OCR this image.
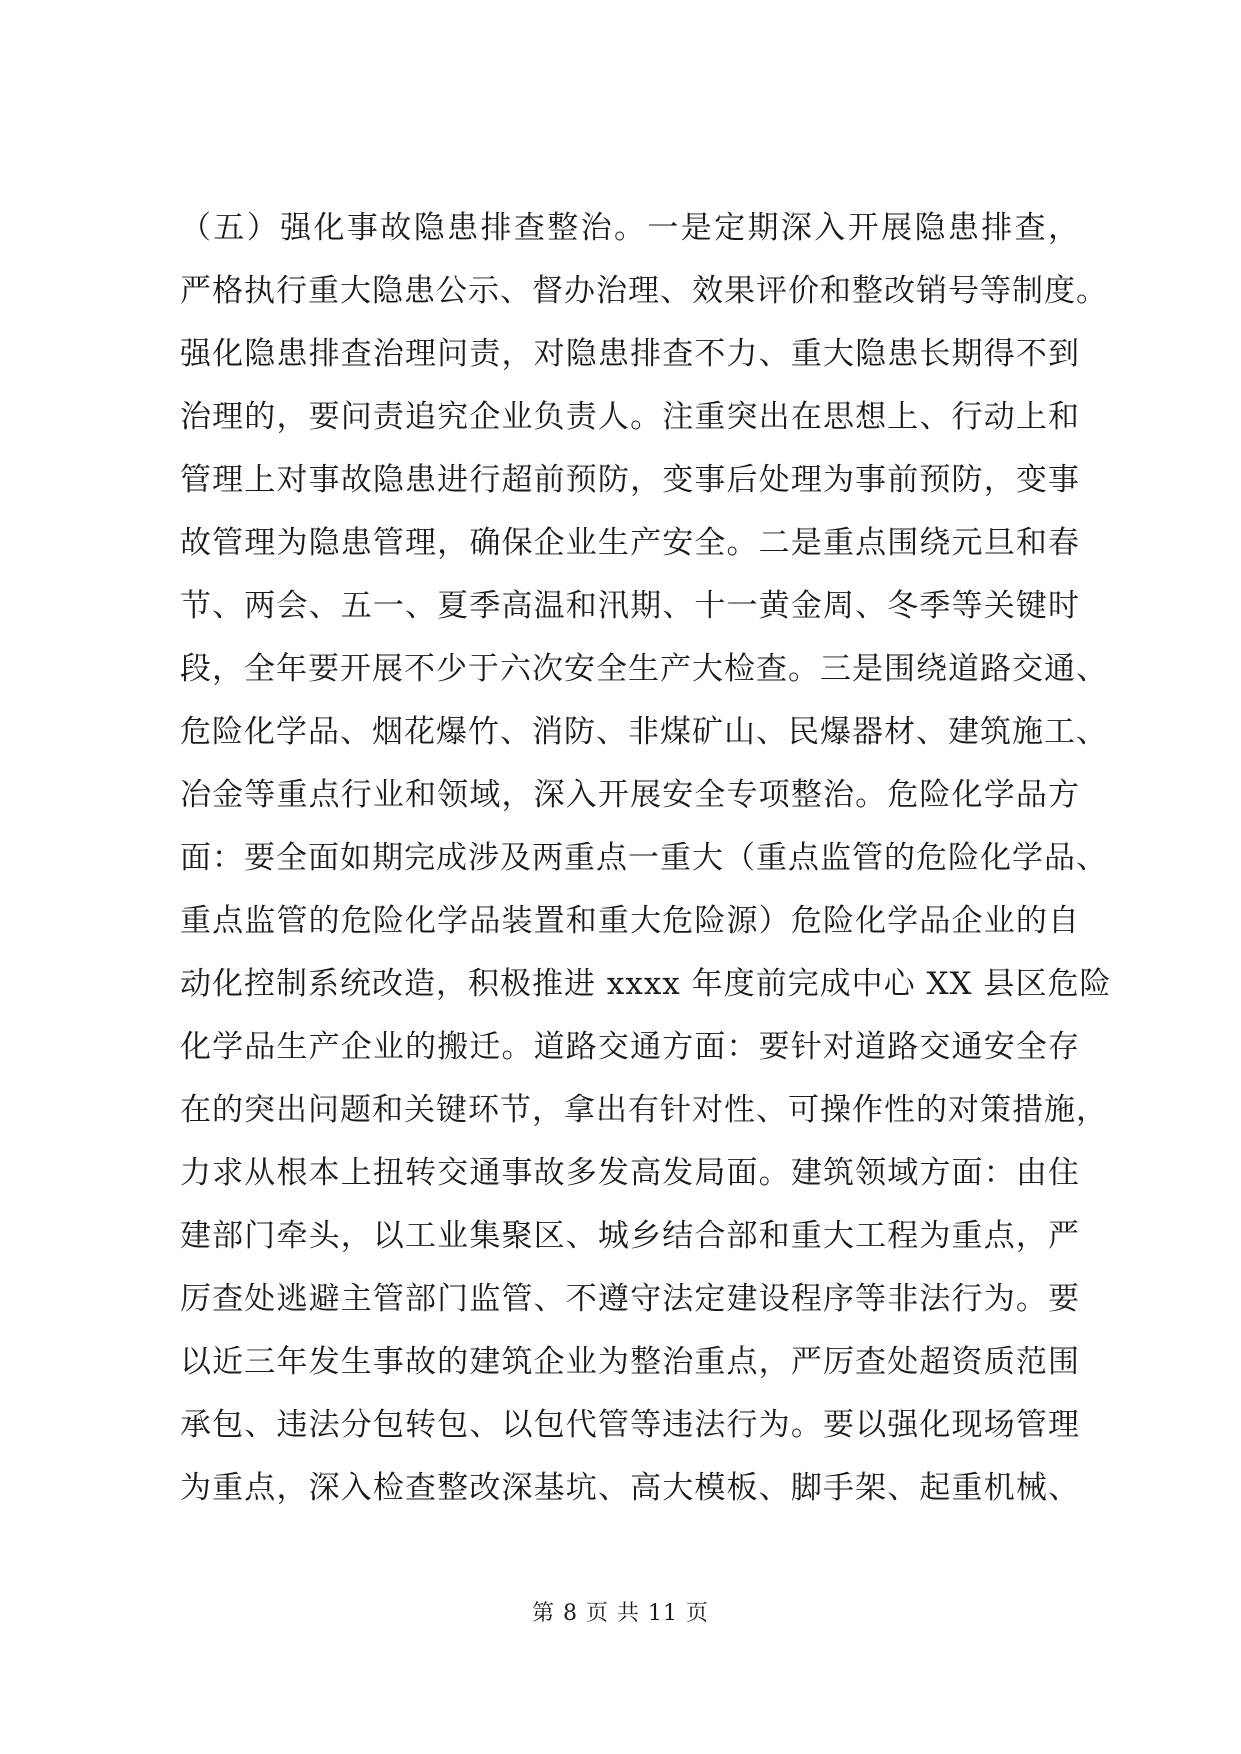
（五）强化事故隐患排查整治。一是定期深入开展隐患排查，
严格执行重大隐患公示、督办治理、效果评价和整改销号等制度。
强化隐患排查治理问责，对隐患排查不力、重大隐患长期得不到
治理的，要问责追究企业负责人。注重突出在思想上、行动上和
管理上对事故隐患进行超前预防，变事后处理为事前预防，变事
故管理为隐患管理，确保企业生产安全。二是重点围绕元旦和春
节、两会、五一、夏季高温和汛期、十一黄金周、冬季等关键时
段，全年要开展不少于六次安全生产大检查。三是围绕道路交通、
危险化学品、烟花爆竹、消防、非煤矿山、民爆器材、建筑施工、
冶金等重点行业和领域，深入开展安全专项整治。危险化学品方
面：要全面如期完成涉及两重点一重大（重点监管的危险化学品、
重点监管的危险化学品装置和重大危险源）危险化学品企业的自
动化控制系统改造，积极推进 xxxx 年度前完成中心 XX 县区危险
化学品生产企业的搬迁。道路交通方面：要针对道路交通安全存
在的突出问题和关键环节，拿出有针对性、可操作性的对策措施，
力求从根本上扭转交通事故多发高发局面。建筑领域方面：由住
建部门牵头，以工业集聚区、城乡结合部和重大工程为重点，严
厉查处逃避主管部门监管、不遵守法定建设程序等非法行为。要
以近三年发生事故的建筑企业为整治重点，严厉查处超资质范围
承包、违法分包转包、以包代管等违法行为。要以强化现场管理
为重点，深入检查整改深基坑、高大模板、脚手架、起重机械、
第 8 页 共 11 页
